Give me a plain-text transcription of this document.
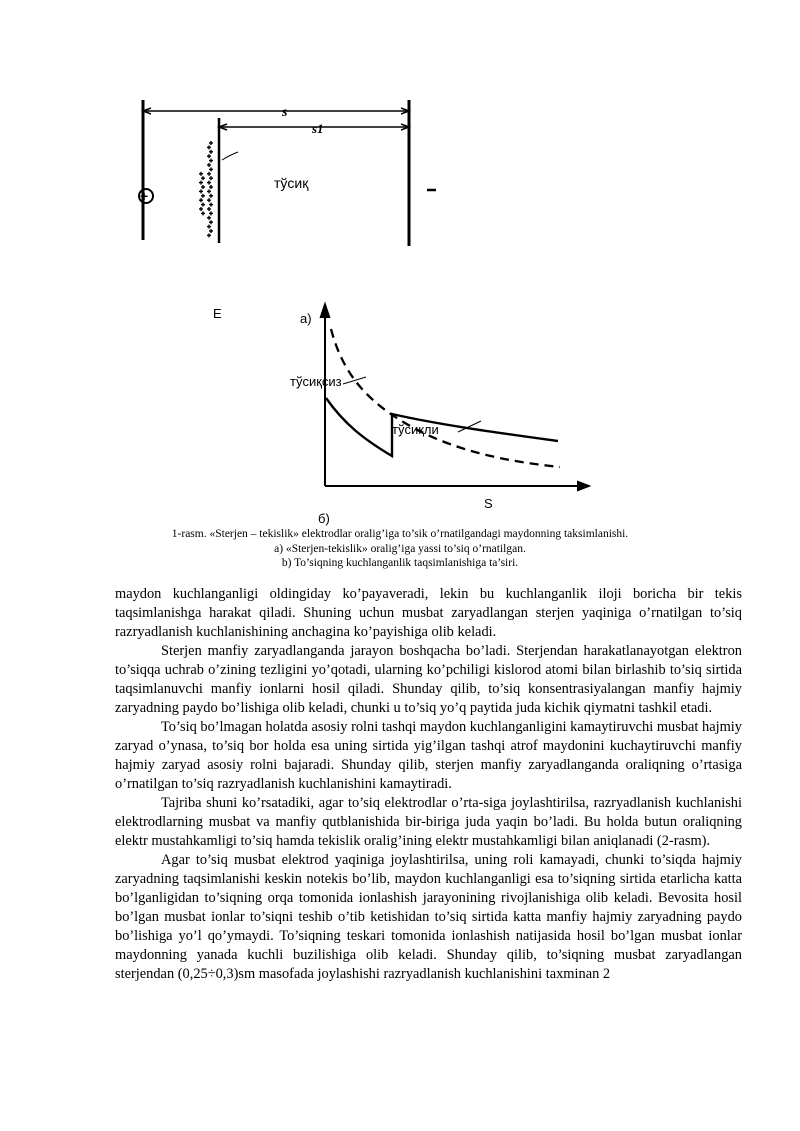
s
s1
тўсиқ
+
E	а)
тўсиқсиз
тўсиқли
S
б)
1-rasm. «Sterjen – tekislik» elektrodlar oralig’iga to’sik o’rnatilgandagi maydonning taksimlanishi.
a) «Sterjen-tekislik» oralig’iga yassi to’siq o’rnatilgan.
b) To’siqning kuchlanganlik taqsimlanishiga ta’siri.

maydon kuchlanganligi oldingiday ko’payaveradi, lekin bu kuchlanganlik iloji boricha bir tekis taqsimlanishga harakat qiladi. Shuning uchun musbat zaryadlangan sterjen yaqiniga o’rnatilgan to’siq razryadlanish kuchlanishining anchagina ko’payishiga olib keladi.

Sterjen manfiy zaryadlanganda jarayon boshqacha bo’ladi. Sterjendan harakatlanayotgan elektron to’siqqa uchrab o’zining tezligini yo’qotadi, ularning ko’pchiligi kislorod atomi bilan birlashib to’siq sirtida taqsimlanuvchi manfiy ionlarni hosil qiladi. Shunday qilib, to’siq konsentrasiyalangan manfiy hajmiy zaryadning paydo bo’lishiga olib keladi, chunki u to’siq yo’q paytida juda kichik qiymatni tashkil etadi.

To’siq bo’lmagan holatda asosiy rolni tashqi maydon kuchlanganligini kamaytiruvchi musbat hajmiy zaryad o’ynasa, to’siq bor holda esa uning sirtida yig’ilgan tashqi atrof maydonini kuchaytiruvchi manfiy hajmiy zaryad asosiy rolni bajaradi. Shunday qilib, sterjen manfiy zaryadlanganda oraliqning o’rtasiga o’rnatilgan to’siq razryadlanish kuchlanishini kamaytiradi.

Tajriba shuni ko’rsatadiki, agar to’siq elektrodlar o’rta-siga joylashtirilsa, razryadlanish kuchlanishi elektrodlarning musbat va manfiy qutblanishida bir-biriga juda yaqin bo’ladi. Bu holda butun oraliqning elektr mustahkamligi to’siq hamda tekislik oralig’ining elektr mustahkamligi bilan aniqlanadi (2-rasm).

Agar to’siq musbat elektrod yaqiniga joylashtirilsa, uning roli kamayadi, chunki to’siqda hajmiy zaryadning taqsimlanishi keskin notekis bo’lib, maydon kuchlanganligi esa to’siqning sirtida etarlicha katta bo’lganligidan to’siqning orqa tomonida ionlashish jarayonining rivojlanishiga olib keladi. Bevosita hosil bo’lgan musbat ionlar to’siqni teshib o’tib ketishidan to’siq sirtida katta manfiy hajmiy zaryadning paydo bo’lishiga yo’l qo’ymaydi. To’siqning teskari tomonida ionlashish natijasida hosil bo’lgan musbat ionlar maydonning yanada kuchli buzilishiga olib keladi. Shunday qilib, to’siqning musbat zaryadlangan sterjendan (0,25÷0,3)sm masofada joylashishi razryadlanish kuchlanishini taxminan 2
